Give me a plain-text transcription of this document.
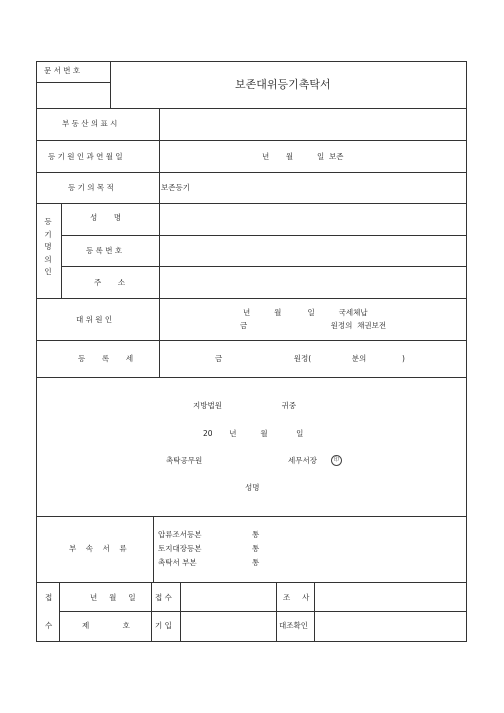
문 서 번 호
보존대위등기촉탁서
부 동 산 의 표 시
등 기 원 인 과 연 월 일	년       월          일  보존
등 기 의 목 적	보존등기
등
기
명
의
인
성       명
등 록 번 호
주       소
대 위 원 인
년          월           일          국세체납
금                                   원정의  채권보전
등       록       세	금                              원정(                 분의               )
지방법원                         귀중
20       년          월            일
촉탁공무원                                    세무서장	印
성명
부    속    서    류
압류조서등본	통
토지대장등본	통
촉탁서 부본	통
접
수
년     월     일	접 수	조     사
제              호	기 입	대조확인
